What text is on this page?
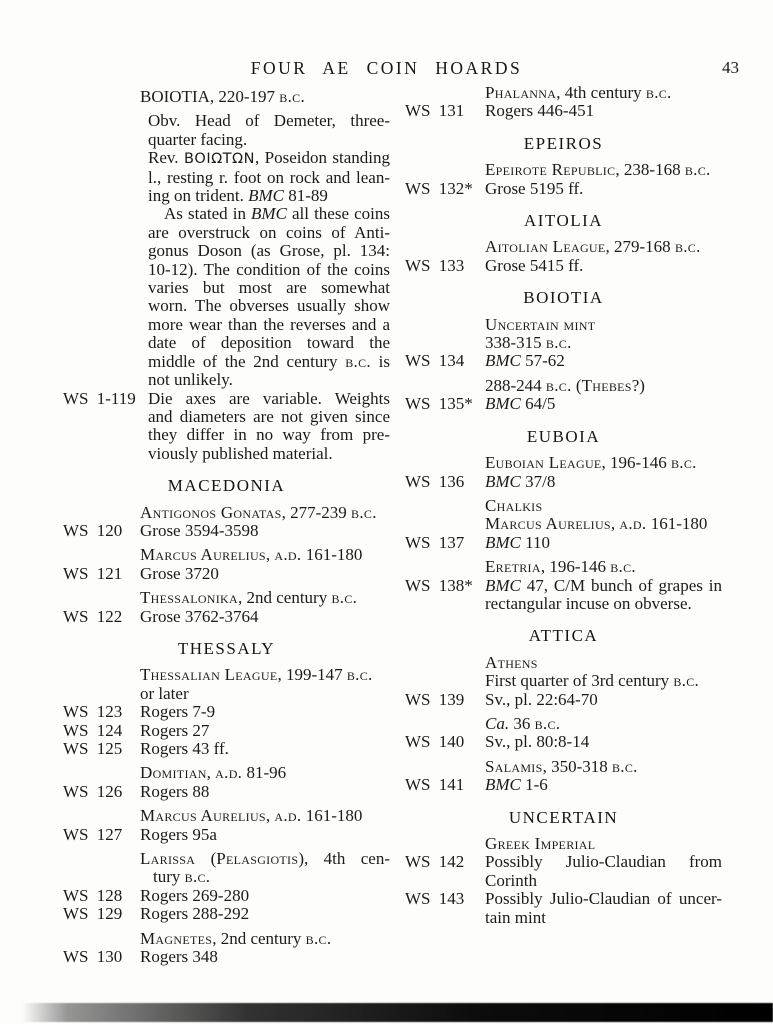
FOUR AE COIN HOARDS	43
BOIOTIA, 220-197 b.c.
Obv. Head of Demeter, three-
quarter facing.
Rev. ΒΟΙΩΤΩΝ, Poseidon standing
l., resting r. foot on rock and lean-
ing on trident. BMC 81-89
As stated in BMC all these coins
are overstruck on coins of Anti-
gonus Doson (as Grose, pl. 134:
10-12). The condition of the coins
varies but most are somewhat
worn. The obverses usually show
more wear than the reverses and a
date of deposition toward the
middle of the 2nd century b.c. is
not unlikely.
WS 1-119 Die axes are variable. Weights
and diameters are not given since
they differ in no way from pre-
viously published material.
MACEDONIA
Antigonos Gonatas, 277-239 b.c.
WS 120 Grose 3594-3598
Marcus Aurelius, a.d. 161-180
WS 121 Grose 3720
Thessalonika, 2nd century b.c.
WS 122 Grose 3762-3764
THESSALY
Thessalian League, 199-147 b.c.
or later
WS 123 Rogers 7-9
WS 124 Rogers 27
WS 125 Rogers 43 ff.
Domitian, a.d. 81-96
WS 126 Rogers 88
Marcus Aurelius, a.d. 161-180
WS 127 Rogers 95a
Larissa (Pelasgiotis), 4th cen-
tury b.c.
WS 128 Rogers 269-280
WS 129 Rogers 288-292
Magnetes, 2nd century b.c.
WS 130 Rogers 348
Phalanna, 4th century b.c.
WS 131 Rogers 446-451
EPEIROS
Epeirote Republic, 238-168 b.c.
WS 132* Grose 5195 ff.
AITOLIA
Aitolian League, 279-168 b.c.
WS 133 Grose 5415 ff.
BOIOTIA
Uncertain mint
338-315 b.c.
WS 134 BMC 57-62
288-244 b.c. (Thebes?)
WS 135* BMC 64/5
EUBOIA
Euboian League, 196-146 b.c.
WS 136 BMC 37/8
Chalkis
Marcus Aurelius, a.d. 161-180
WS 137 BMC 110
Eretria, 196-146 b.c.
WS 138* BMC 47, C/M bunch of grapes in
rectangular incuse on obverse.
ATTICA
Athens
First quarter of 3rd century b.c.
WS 139 Sv., pl. 22:64-70
Ca. 36 b.c.
WS 140 Sv., pl. 80:8-14
Salamis, 350-318 b.c.
WS 141 BMC 1-6
UNCERTAIN
Greek Imperial
WS 142 Possibly Julio-Claudian from
Corinth
WS 143 Possibly Julio-Claudian of uncer-
tain mint
